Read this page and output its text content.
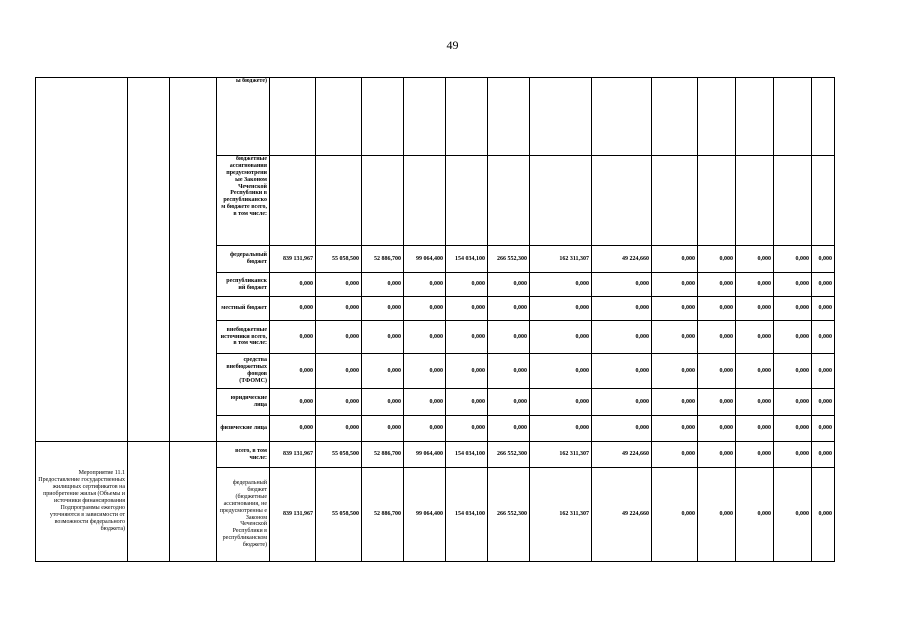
49
			ы бюджете)													
			бюджетные ассигнования предусмотрени ые Законом Чеченской Республики в республиканско м бюджете всего, в том числе:													
			федеральный бюджет	839 131,967	55 058,500	52 886,700	99 064,400	154 034,100	266 552,300	162 311,307	49 224,660	0,000	0,000	0,000	0,000	0,000
			республиканск ий бюджет	0,000	0,000	0,000	0,000	0,000	0,000	0,000	0,000	0,000	0,000	0,000	0,000	0,000
			местный бюджет	0,000	0,000	0,000	0,000	0,000	0,000	0,000	0,000	0,000	0,000	0,000	0,000	0,000
			внебюджетные источники всего, в том числе:	0,000	0,000	0,000	0,000	0,000	0,000	0,000	0,000	0,000	0,000	0,000	0,000	0,000
			средства внебюджетных фондов (ТФОМС)	0,000	0,000	0,000	0,000	0,000	0,000	0,000	0,000	0,000	0,000	0,000	0,000	0,000
			юридические лица	0,000	0,000	0,000	0,000	0,000	0,000	0,000	0,000	0,000	0,000	0,000	0,000	0,000
			физические лица	0,000	0,000	0,000	0,000	0,000	0,000	0,000	0,000	0,000	0,000	0,000	0,000	0,000
Мероприятие 11.1 Предоставление государственных жилищных сертификатов на приобретение жилья (Объемы и источники финансирования Подпрограммы ежегодно уточняются в зависимости от возможности федерального бюджета)			всего, в том числе:	839 131,967	55 058,500	52 886,700	99 064,400	154 034,100	266 552,300	162 311,307	49 224,660	0,000	0,000	0,000	0,000	0,000
			федеральный бюджет (бюджетные ассигнования, не предусмотренны е Законом Чеченской Республики в республиканском бюджете)	839 131,967	55 058,500	52 886,700	99 064,400	154 034,100	266 552,300	162 311,307	49 224,660	0,000	0,000	0,000	0,000	0,000
